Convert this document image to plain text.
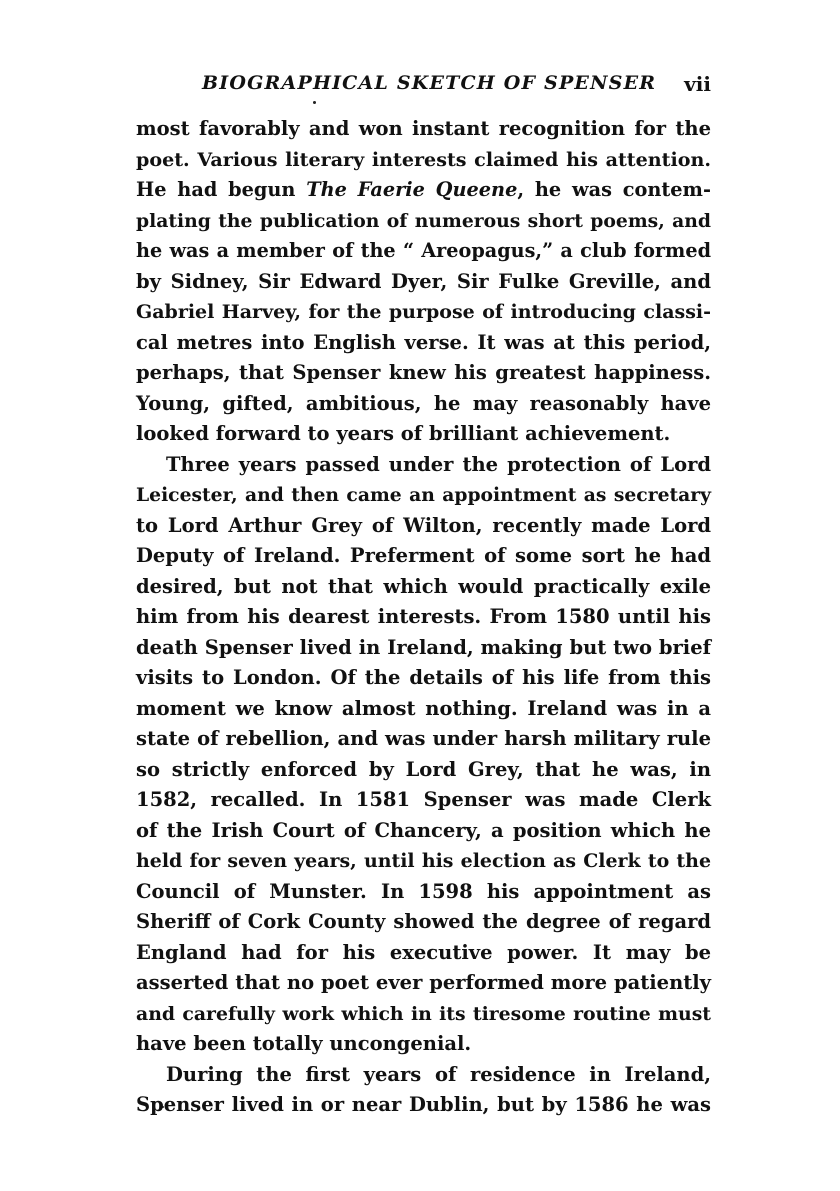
BIOGRAPHICAL SKETCH OF SPENSER vii
most favorably and won instant recognition for the
poet. Various literary interests claimed his attention.
He had begun The Faerie Queene, he was contem-
plating the publication of numerous short poems, and
he was a member of the “ Areopagus,” a club formed
by Sidney, Sir Edward Dyer, Sir Fulke Greville, and
Gabriel Harvey, for the purpose of introducing classi-
cal metres into English verse. It was at this period,
perhaps, that Spenser knew his greatest happiness.
Young, gifted, ambitious, he may reasonably have
looked forward to years of brilliant achievement.
Three years passed under the protection of Lord
Leicester, and then came an appointment as secretary
to Lord Arthur Grey of Wilton, recently made Lord
Deputy of Ireland. Preferment of some sort he had
desired, but not that which would practically exile
him from his dearest interests. From 1580 until his
death Spenser lived in Ireland, making but two brief
visits to London. Of the details of his life from this
moment we know almost nothing. Ireland was in a
state of rebellion, and was under harsh military rule
so strictly enforced by Lord Grey, that he was, in
1582, recalled. In 1581 Spenser was made Clerk
of the Irish Court of Chancery, a position which he
held for seven years, until his election as Clerk to the
Council of Munster. In 1598 his appointment as
Sheriff of Cork County showed the degree of regard
England had for his executive power. It may be
asserted that no poet ever performed more patiently
and carefully work which in its tiresome routine must
have been totally uncongenial.
During the first years of residence in Ireland,
Spenser lived in or near Dublin, but by 1586 he was
